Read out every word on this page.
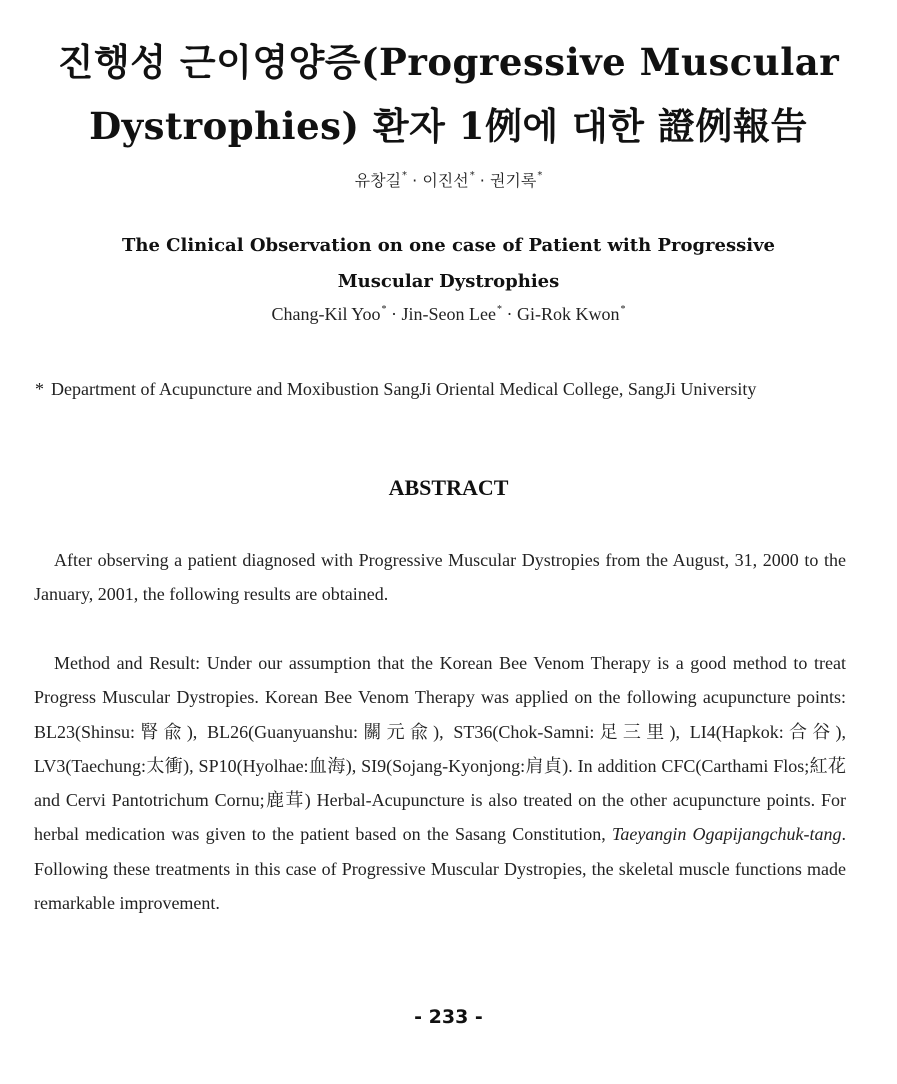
진행성 근이영양증(Progressive Muscular
Dystrophies) 환자 1例에 대한 證例報告
유창길* · 이진선* · 권기록*
The Clinical Observation on one case of Patient with Progressive
Muscular Dystrophies
Chang-Kil Yoo* · Jin-Seon Lee* · Gi-Rok Kwon*
* Department of Acupuncture and Moxibustion SangJi Oriental Medical College, SangJi University
ABSTRACT
After observing a patient diagnosed with Progressive Muscular Dystropies from the August, 31, 2000 to the January, 2001, the following results are obtained.
Method and Result: Under our assumption that the Korean Bee Venom Therapy is a good method to treat Progress Muscular Dystropies. Korean Bee Venom Therapy was applied on the following acupuncture points: BL23(Shinsu:腎兪), BL26(Guanyuanshu:關元兪), ST36(Chok-Samni:足三里), LI4(Hapkok:合谷), LV3(Taechung:太衝), SP10(Hyolhae:血海), SI9(Sojang-Kyonjong:肩貞). In addition CFC(Carthami Flos;紅花 and Cervi Pantotrichum Cornu;鹿茸) Herbal-Acupuncture is also treated on the other acupuncture points. For herbal medication was given to the patient based on the Sasang Constitution, Taeyangin Ogapijangchuk-tang. Following these treatments in this case of Progressive Muscular Dystropies, the skeletal muscle functions made remarkable improvement.
- 233 -
